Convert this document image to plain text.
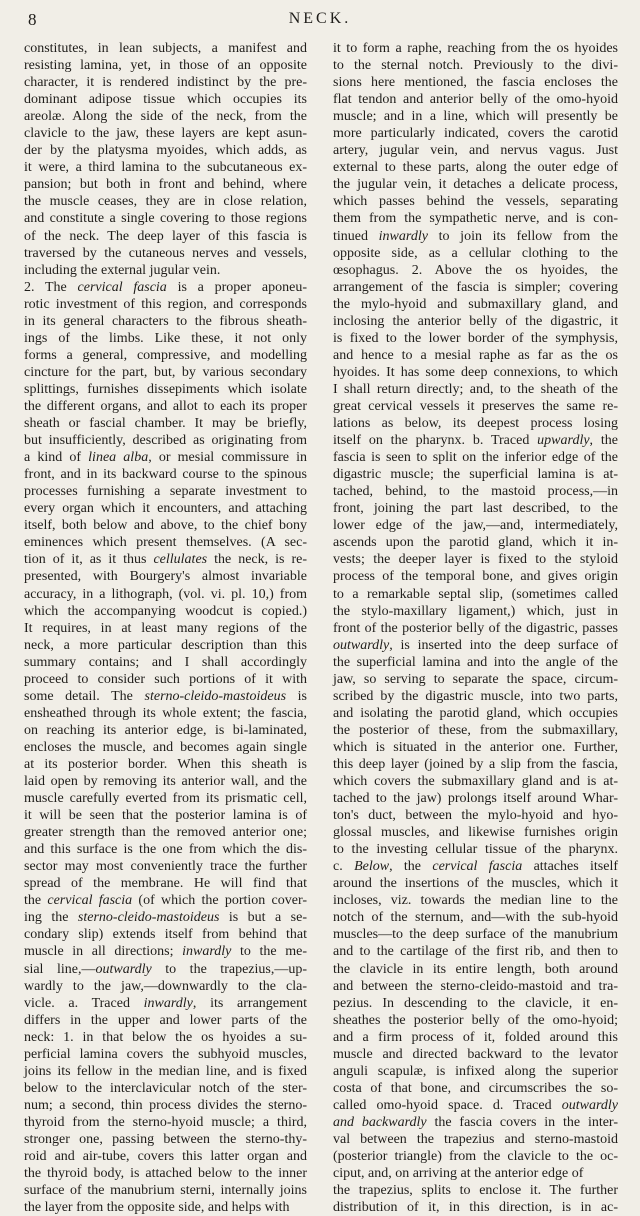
8	NECK.

constitutes, in lean subjects, a manifest and

resisting lamina, yet, in those of an opposite

character, it is rendered indistinct by the pre-

dominant adipose tissue which occupies its

areolæ. Along the side of the neck, from the

clavicle to the jaw, these layers are kept asun-

der by the platysma myoides, which adds, as

it were, a third lamina to the subcutaneous ex-

pansion; but both in front and behind, where

the muscle ceases, they are in close relation,

and constitute a single covering to those regions

of the neck. The deep layer of this fascia is

traversed by the cutaneous nerves and vessels,

including the external jugular vein.

2. The cervical fascia is a proper aponeu-

rotic investment of this region, and corresponds

in its general characters to the fibrous sheath-

ings of the limbs. Like these, it not only

forms a general, compressive, and modelling

cincture for the part, but, by various secondary

splittings, furnishes dissepiments which isolate

the different organs, and allot to each its proper

sheath or fascial chamber. It may be briefly,

but insufficiently, described as originating from

a kind of linea alba, or mesial commissure in

front, and in its backward course to the spinous

processes furnishing a separate investment to

every organ which it encounters, and attaching

itself, both below and above, to the chief bony

eminences which present themselves. (A sec-

tion of it, as it thus cellulates the neck, is re-

presented, with Bourgery's almost invariable

accuracy, in a lithograph, (vol. vi. pl. 10,) from

which the accompanying woodcut is copied.)

It requires, in at least many regions of the

neck, a more particular description than this

summary contains; and I shall accordingly

proceed to consider such portions of it with

some detail. The sterno-cleido-mastoideus is

ensheathed through its whole extent; the fascia,

on reaching its anterior edge, is bi-laminated,

encloses the muscle, and becomes again single

at its posterior border. When this sheath is

laid open by removing its anterior wall, and the

muscle carefully everted from its prismatic cell,

it will be seen that the posterior lamina is of

greater strength than the removed anterior one;

and this surface is the one from which the dis-

sector may most conveniently trace the further

spread of the membrane. He will find that

the cervical fascia (of which the portion cover-

ing the sterno-cleido-mastoideus is but a se-

condary slip) extends itself from behind that

muscle in all directions; inwardly to the me-

sial line,—outwardly to the trapezius,—up-

wardly to the jaw,—downwardly to the cla-

vicle. a. Traced inwardly, its arrangement

differs in the upper and lower parts of the

neck: 1. in that below the os hyoides a su-

perficial lamina covers the subhyoid muscles,

joins its fellow in the median line, and is fixed

below to the interclavicular notch of the ster-

num; a second, thin process divides the sterno-

thyroid from the sterno-hyoid muscle; a third,

stronger one, passing between the sterno-thy-

roid and air-tube, covers this latter organ and

the thyroid body, is attached below to the inner

surface of the manubrium sterni, internally joins

the layer from the opposite side, and helps with

it to form a raphe, reaching from the os hyoides

to the sternal notch. Previously to the divi-

sions here mentioned, the fascia encloses the

flat tendon and anterior belly of the omo-hyoid

muscle; and in a line, which will presently be

more particularly indicated, covers the carotid

artery, jugular vein, and nervus vagus. Just

external to these parts, along the outer edge of

the jugular vein, it detaches a delicate process,

which passes behind the vessels, separating

them from the sympathetic nerve, and is con-

tinued inwardly to join its fellow from the

opposite side, as a cellular clothing to the

œsophagus. 2. Above the os hyoides, the

arrangement of the fascia is simpler; covering

the mylo-hyoid and submaxillary gland, and

inclosing the anterior belly of the digastric, it

is fixed to the lower border of the symphysis,

and hence to a mesial raphe as far as the os

hyoides. It has some deep connexions, to which

I shall return directly; and, to the sheath of the

great cervical vessels it preserves the same re-

lations as below, its deepest process losing

itself on the pharynx. b. Traced upwardly, the

fascia is seen to split on the inferior edge of the

digastric muscle; the superficial lamina is at-

tached, behind, to the mastoid process,—in

front, joining the part last described, to the

lower edge of the jaw,—and, intermediately,

ascends upon the parotid gland, which it in-

vests; the deeper layer is fixed to the styloid

process of the temporal bone, and gives origin

to a remarkable septal slip, (sometimes called

the stylo-maxillary ligament,) which, just in

front of the posterior belly of the digastric, passes

outwardly, is inserted into the deep surface of

the superficial lamina and into the angle of the

jaw, so serving to separate the space, circum-

scribed by the digastric muscle, into two parts,

and isolating the parotid gland, which occupies

the posterior of these, from the submaxillary,

which is situated in the anterior one. Further,

this deep layer (joined by a slip from the fascia,

which covers the submaxillary gland and is at-

tached to the jaw) prolongs itself around Whar-

ton's duct, between the mylo-hyoid and hyo-

glossal muscles, and likewise furnishes origin

to the investing cellular tissue of the pharynx.

c. Below, the cervical fascia attaches itself

around the insertions of the muscles, which it

incloses, viz. towards the median line to the

notch of the sternum, and—with the sub-hyoid

muscles—to the deep surface of the manubrium

and to the cartilage of the first rib, and then to

the clavicle in its entire length, both around

and between the sterno-cleido-mastoid and tra-

pezius. In descending to the clavicle, it en-

sheathes the posterior belly of the omo-hyoid;

and a firm process of it, folded around this

muscle and directed backward to the levator

anguli scapulæ, is infixed along the superior

costa of that bone, and circumscribes the so-

called omo-hyoid space. d. Traced outwardly

and backwardly the fascia covers in the inter-

val between the trapezius and sterno-mastoid

(posterior triangle) from the clavicle to the oc-

ciput, and, on arriving at the anterior edge of

the trapezius, splits to enclose it. The further

distribution of it, in this direction, is in ac-
